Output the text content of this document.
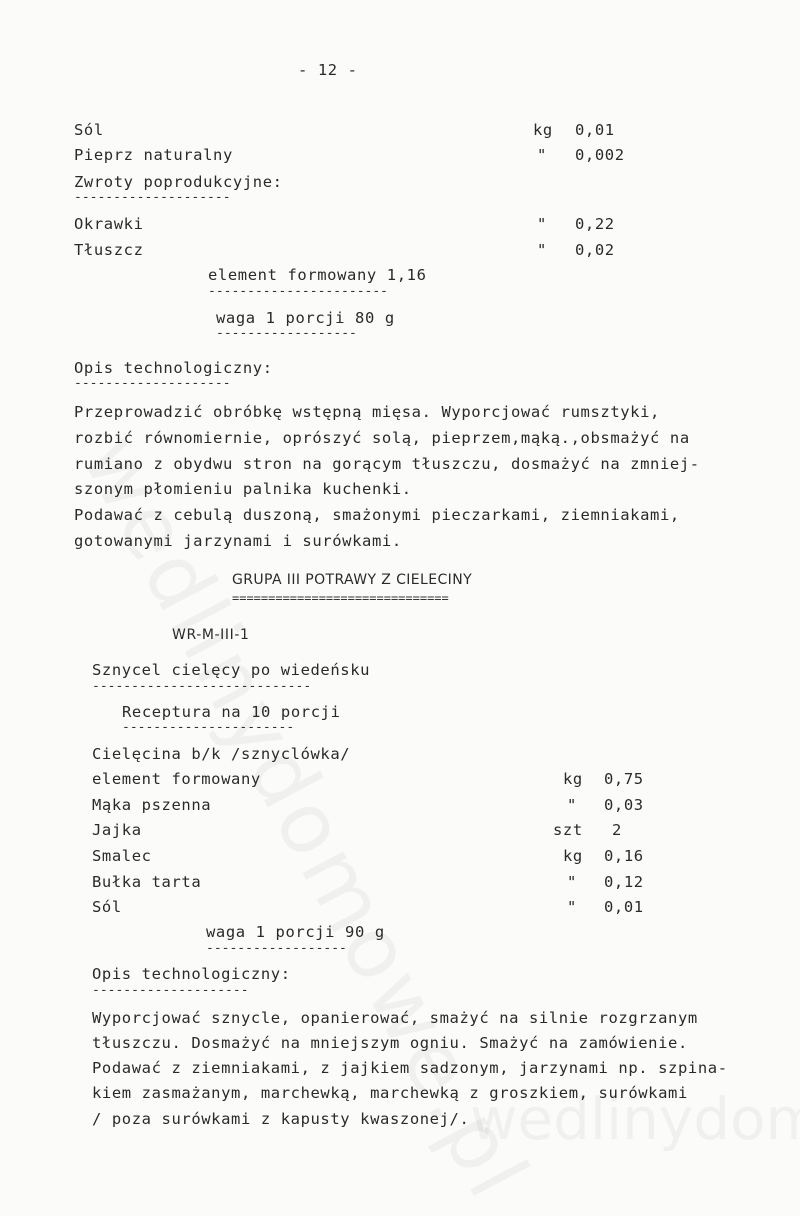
- 12 -
Sól	kg 0,01
Pieprz naturalny	" 0,002
Zwroty poprodukcyjne:
--------------------
Okrawki	" 0,22
Tłuszcz	" 0,02
element formowany 1,16
-----------------------
waga 1 porcji 80 g
------------------
Opis technologiczny:
--------------------
Przeprowadzić obróbkę wstępną mięsa. Wyporcjować rumsztyki,
rozbić równomiernie, oprószyć solą, pieprzem,mąką.,obsmażyć na
rumiano z obydwu stron na gorącym tłuszczu, dosmażyć na zmniej-
szonym płomieniu palnika kuchenki.
Podawać z cebulą duszoną, smażonymi pieczarkami, ziemniakami,
gotowanymi jarzynami i surówkami.
GRUPA III POTRAWY Z CIELECINY
==============================
WR-M-III-1
Sznycel cielęcy po wiedeńsku
----------------------------
Receptura na 10 porcji
----------------------
Cielęcina b/k /sznyclówka/
element formowany	kg 0,75
Mąka pszenna	" 0,03
Jajka	szt 2
Smalec	kg 0,16
Bułka tarta	" 0,12
Sól	" 0,01
waga 1 porcji 90 g
------------------
Opis technologiczny:
--------------------
Wyporcjować sznycle, opanierować, smażyć na silnie rozgrzanym
tłuszczu. Dosmażyć na mniejszym ogniu. Smażyć na zamówienie.
Podawać z ziemniakami, z jajkiem sadzonym, jarzynami np. szpina-
kiem zasmażanym, marchewką, marchewką z groszkiem, surówkami
/ poza surówkami z kapusty kwaszonej/.
